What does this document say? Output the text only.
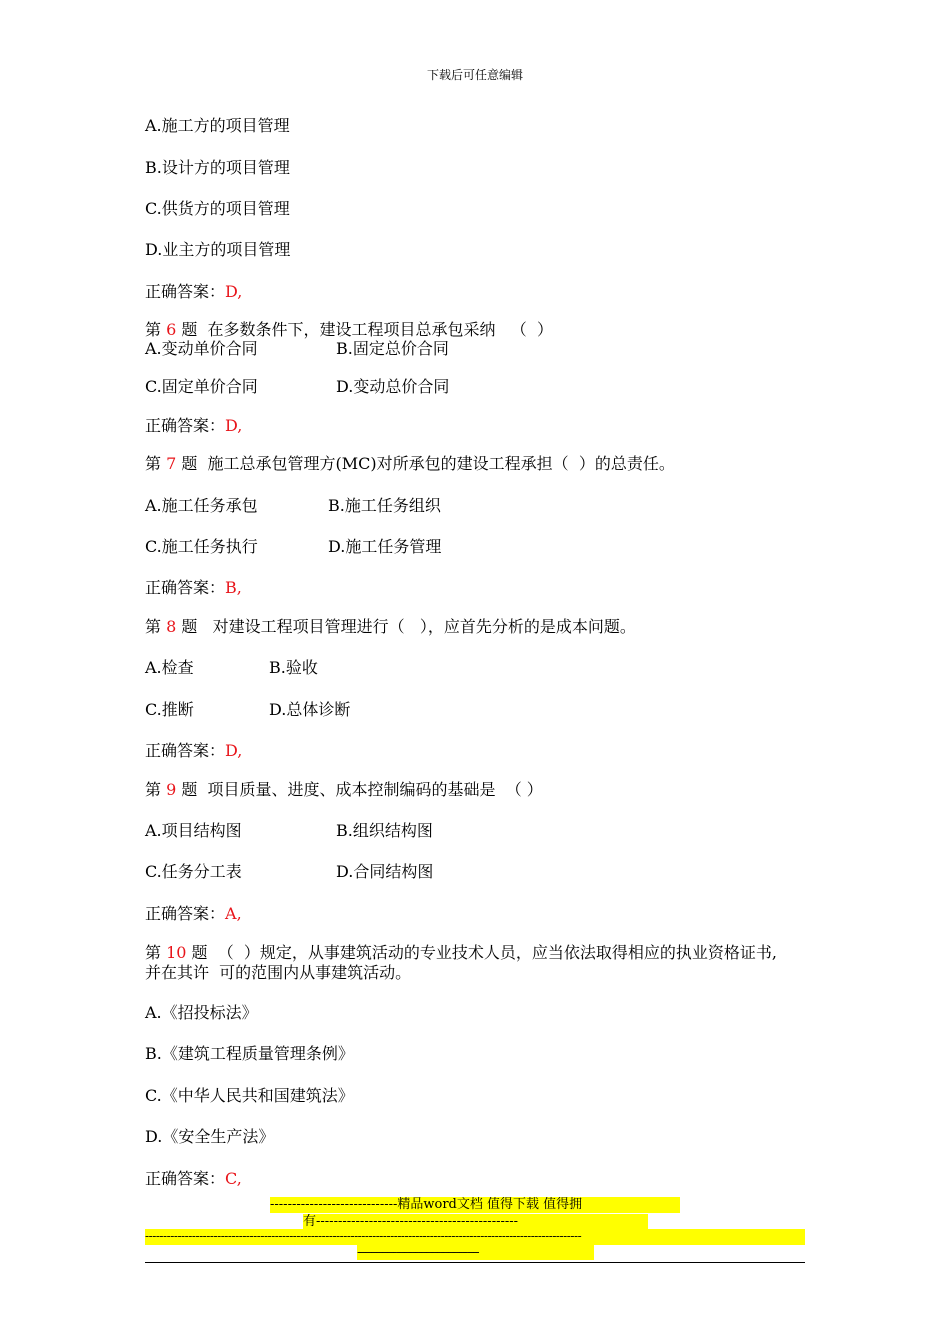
下载后可任意编辑
A.施工方的项目管理
B.设计方的项目管理
C.供货方的项目管理
D.业主方的项目管理
正确答案：D,
第 6 题  在多数条件下，建设工程项目总承包采纳   （  ）
A.变动单价合同	B.固定总价合同
C.固定单价合同	D.变动总价合同
正确答案：D,
第 7 题  施工总承包管理方(MC)对所承包的建设工程承担（  ）的总责任。
A.施工任务承包	B.施工任务组织
C.施工任务执行	D.施工任务管理
正确答案：B,
第 8 题   对建设工程项目管理进行（   ），应首先分析的是成本问题。
A.检查	B.验收
C.推断	D.总体诊断
正确答案：D,
第 9 题  项目质量、进度、成本控制编码的基础是  （ ）
A.项目结构图	B.组织结构图
C.任务分工表	D.合同结构图
正确答案：A,
第 10 题  （  ）规定，从事建筑活动的专业技术人员，应当依法取得相应的执业资格证书,
并在其许  可的范围内从事建筑活动。
A.《招投标法》
B.《建筑工程质量管理条例》
C.《中华人民共和国建筑法》
D.《安全生产法》
正确答案：C,
-----------------------------精品word文档 值得下载 值得拥
有----------------------------------------------
-------------------------------------------------------------------------------------------------------------------------
--------------------------------------------
